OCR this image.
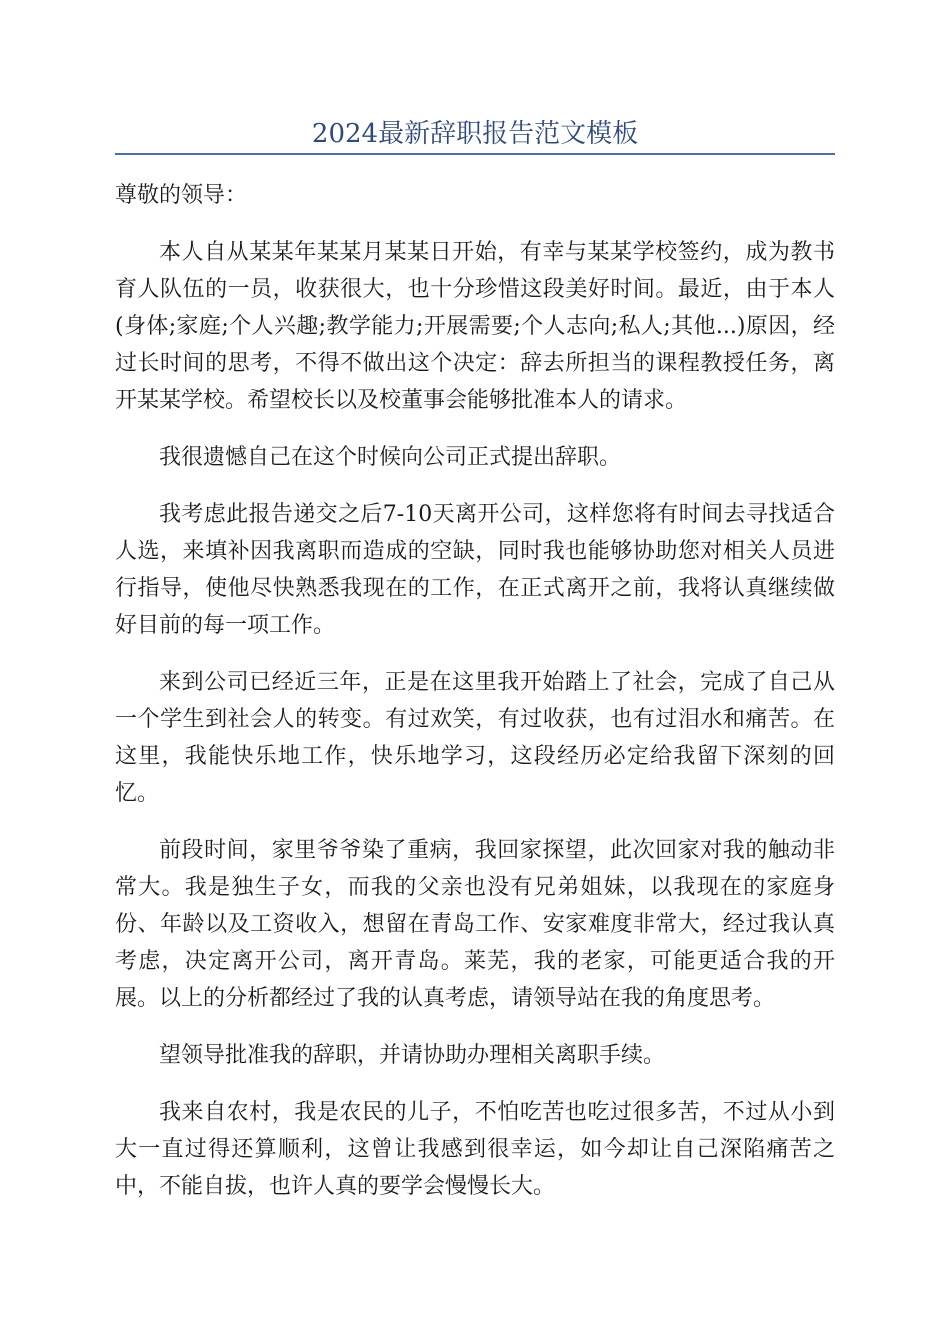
2024最新辞职报告范文模板

尊敬的领导：

本人自从某某年某某月某某日开始，有幸与某某学校签约，成为教书育人队伍的一员，收获很大，也十分珍惜这段美好时间。最近，由于本人(身体;家庭;个人兴趣;教学能力;开展需要;个人志向;私人;其他...)原因，经过长时间的思考，不得不做出这个决定：辞去所担当的课程教授任务，离开某某学校。希望校长以及校董事会能够批准本人的请求。

我很遗憾自己在这个时候向公司正式提出辞职。

我考虑此报告递交之后7-10天离开公司，这样您将有时间去寻找适合人选，来填补因我离职而造成的空缺，同时我也能够协助您对相关人员进行指导，使他尽快熟悉我现在的工作，在正式离开之前，我将认真继续做好目前的每一项工作。

来到公司已经近三年，正是在这里我开始踏上了社会，完成了自己从一个学生到社会人的转变。有过欢笑，有过收获，也有过泪水和痛苦。在这里，我能快乐地工作，快乐地学习，这段经历必定给我留下深刻的回忆。

前段时间，家里爷爷染了重病，我回家探望，此次回家对我的触动非常大。我是独生子女，而我的父亲也没有兄弟姐妹，以我现在的家庭身份、年龄以及工资收入，想留在青岛工作、安家难度非常大，经过我认真考虑，决定离开公司，离开青岛。莱芜，我的老家，可能更适合我的开展。以上的分析都经过了我的认真考虑，请领导站在我的角度思考。

望领导批准我的辞职，并请协助办理相关离职手续。

我来自农村，我是农民的儿子，不怕吃苦也吃过很多苦，不过从小到大一直过得还算顺利，这曾让我感到很幸运，如今却让自己深陷痛苦之中，不能自拔，也许人真的要学会慢慢长大。
